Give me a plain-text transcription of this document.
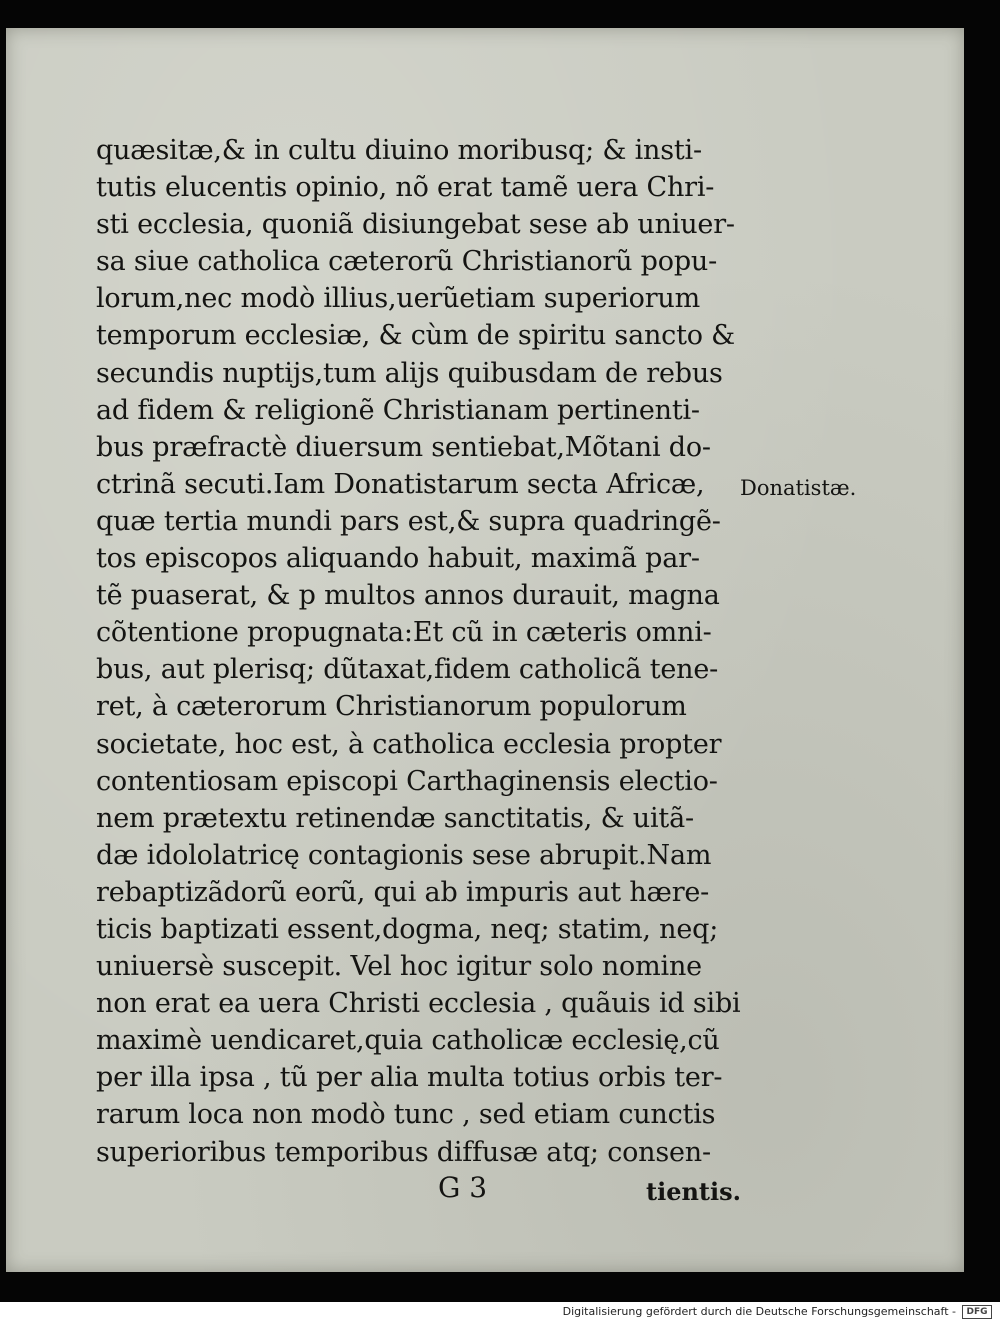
quæsitæ,& in cultu diuino moribusq; & insti-
tutis elucentis opinio, nõ erat tamẽ uera Chri-
sti ecclesia, quoniã disiungebat sese ab uniuer-
sa siue catholica cæterorũ Christianorũ popu-
lorum,nec modò illius,uerũetiam superiorum
temporum ecclesiæ, & cùm de spiritu sancto &
secundis nuptijs,tum alijs quibusdam de rebus
ad fidem & religionẽ Christianam pertinenti-
bus præfractè diuersum sentiebat,Mõtani do-
ctrinã secuti.Iam Donatistarum secta Africæ,
quæ tertia mundi pars est,& supra quadringẽ-
tos episcopos aliquando habuit, maximã par-
tẽ puaserat, & p multos annos durauit, magna
cõtentione propugnata:Et cũ in cæteris omni-
bus, aut plerisq; dũtaxat,fidem catholicã tene-
ret, à cæterorum Christianorum populorum
societate, hoc est, à catholica ecclesia propter
contentiosam episcopi Carthaginensis electio-
nem prætextu retinendæ sanctitatis, & uitã-
dæ idololatricę contagionis sese abrupit.Nam
rebaptizãdorũ eorũ, qui ab impuris aut hære-
ticis baptizati essent,dogma, neq; statim, neq;
uniuersè suscepit. Vel hoc igitur solo nomine
non erat ea uera Christi ecclesia , quãuis id sibi
maximè uendicaret,quia catholicæ ecclesię,cũ
per illa ipsa , tũ per alia multa totius orbis ter-
rarum loca non modò tunc , sed etiam cunctis
superioribus temporibus diffusæ atq; consen-
Donatistæ.
G 3	tientis.
Digitalisierung gefördert durch die Deutsche Forschungsgemeinschaft -	DFG
